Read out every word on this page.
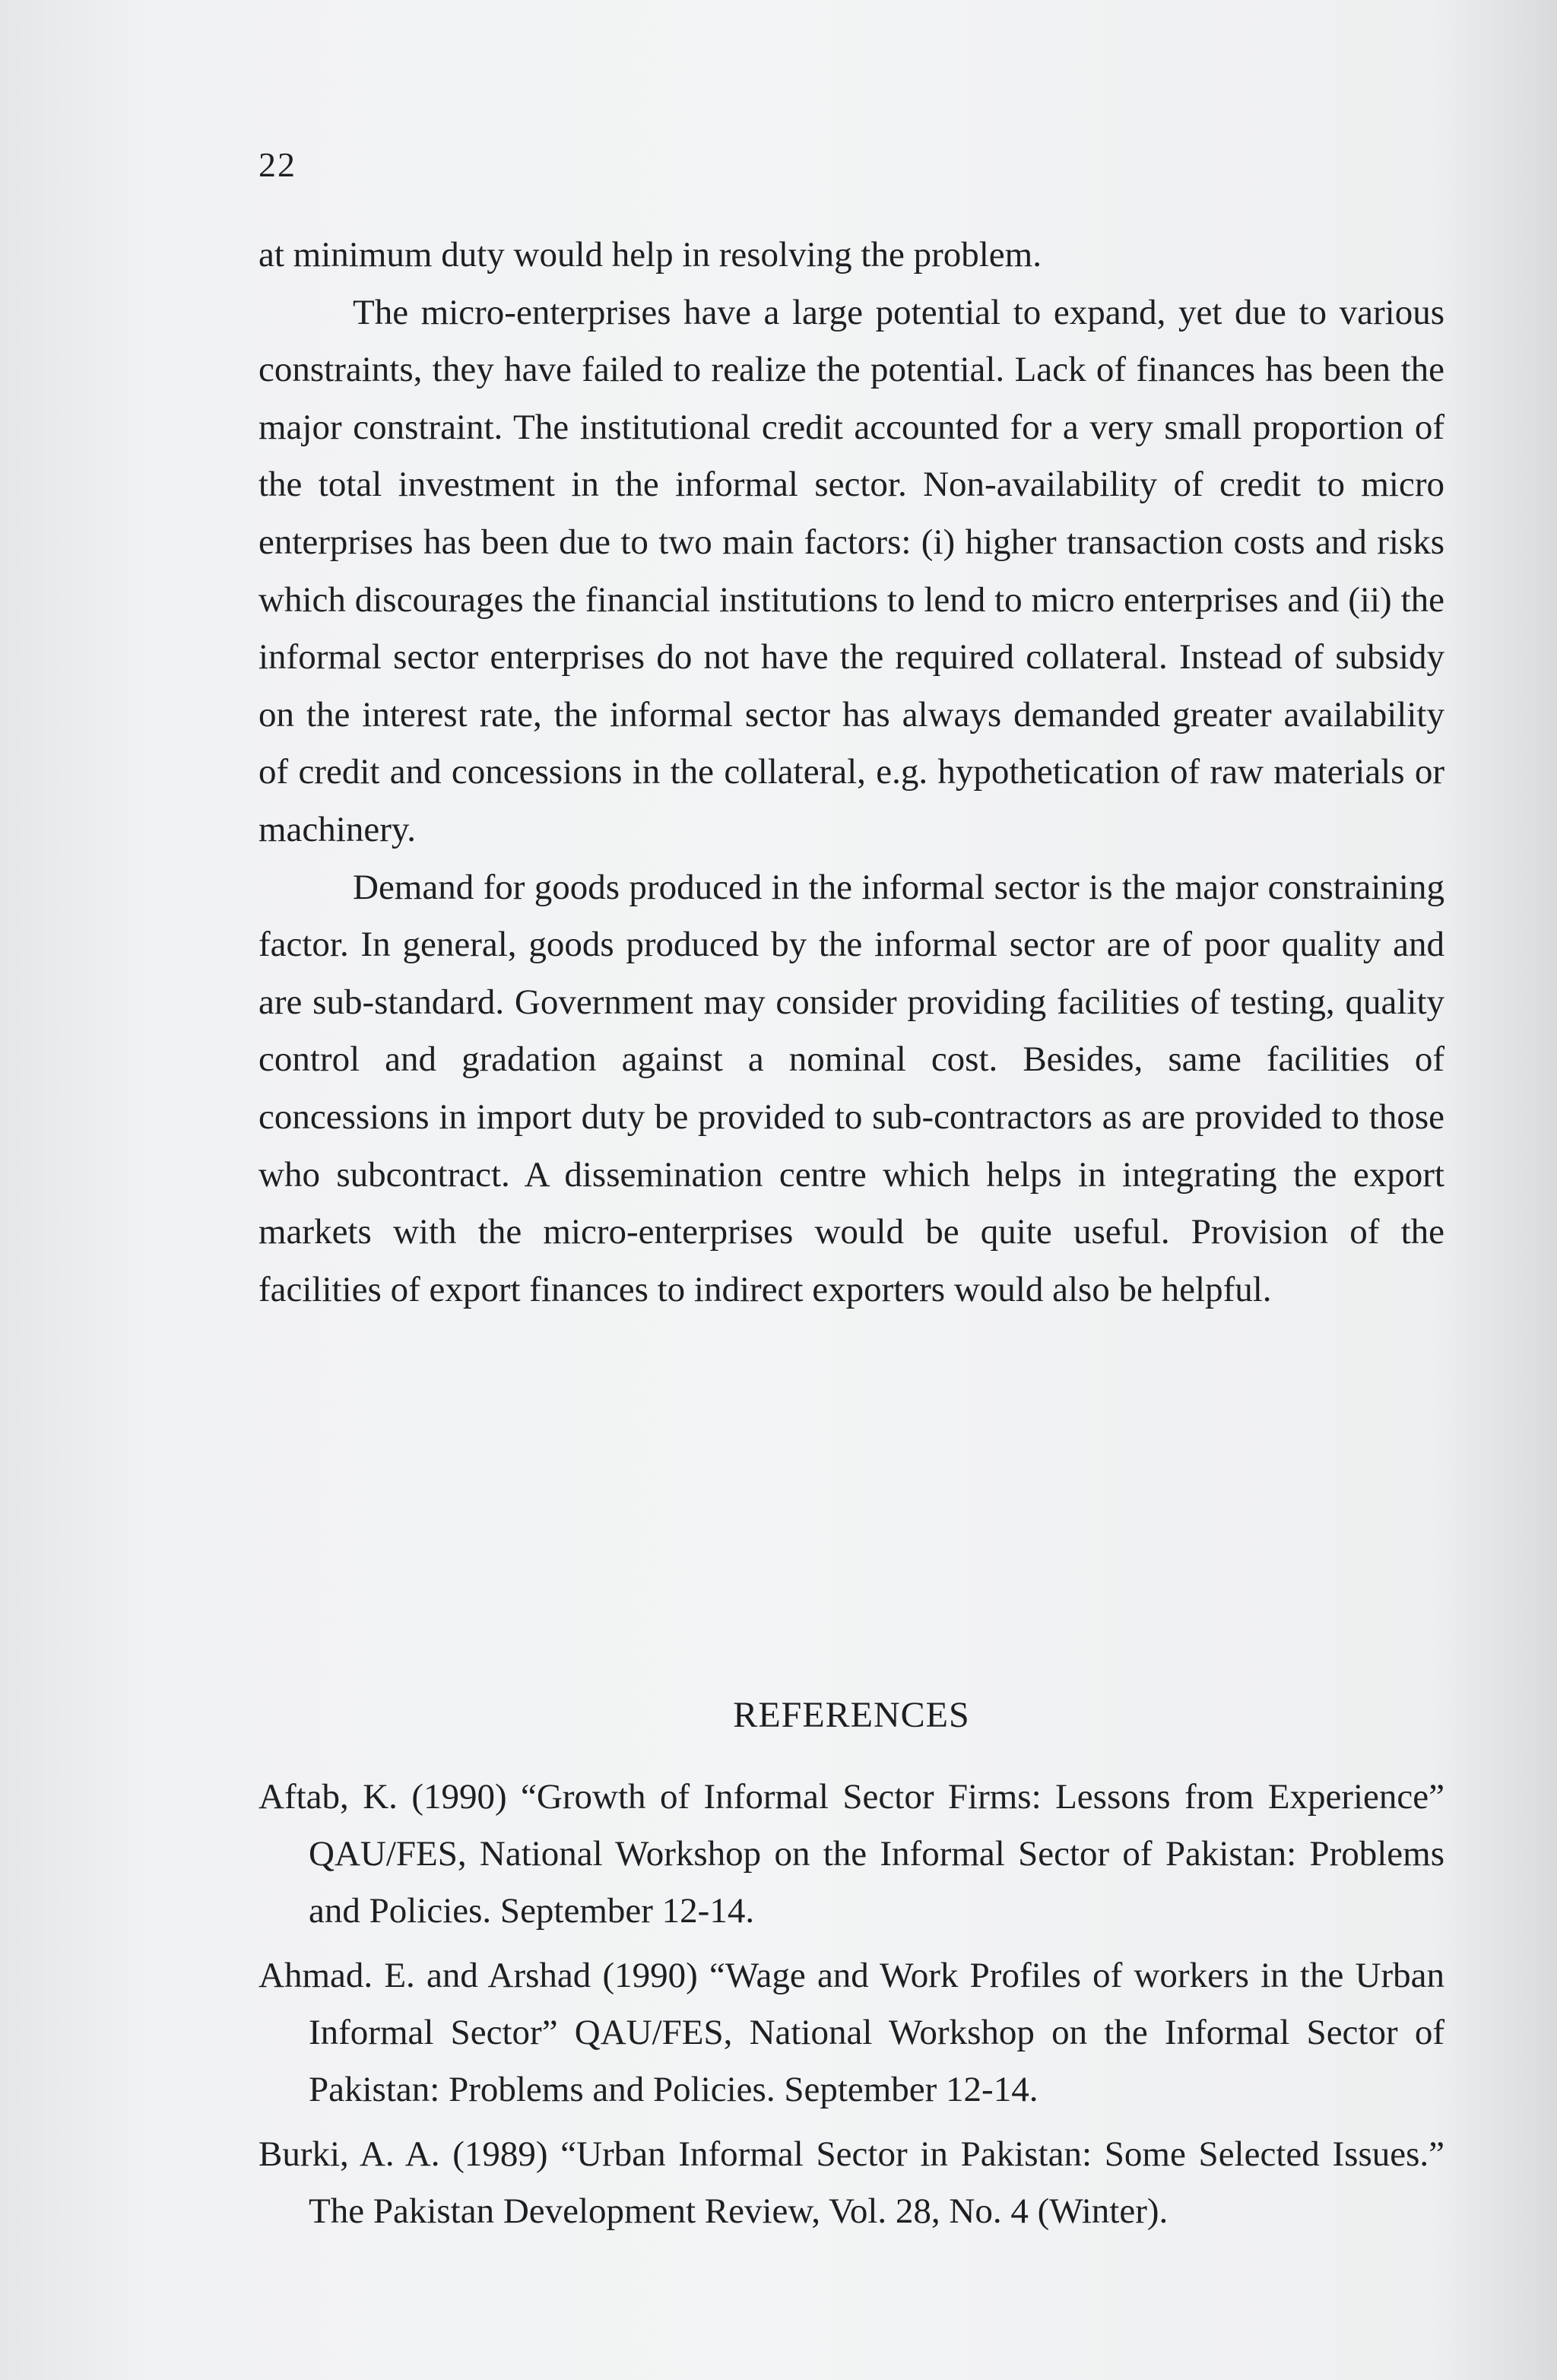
22

at minimum duty would help in resolving the problem.

The micro-enterprises have a large potential to expand, yet due to various constraints, they have failed to realize the potential. Lack of finances has been the major constraint. The institutional credit accounted for a very small proportion of the total investment in the informal sector. Non-availability of credit to micro enterprises has been due to two main factors: (i) higher transaction costs and risks which discourages the financial institutions to lend to micro enterprises and (ii) the informal sector enterprises do not have the required collateral. Instead of subsidy on the interest rate, the informal sector has always demanded greater availability of credit and concessions in the collateral, e.g. hypothetication of raw materials or machinery.

Demand for goods produced in the informal sector is the major constraining factor. In general, goods produced by the informal sector are of poor quality and are sub-standard. Government may consider providing facilities of testing, quality control and gradation against a nominal cost. Besides, same facilities of concessions in import duty be provided to sub-contractors as are provided to those who subcontract. A dissemination centre which helps in integrating the export markets with the micro-enterprises would be quite useful. Provision of the facilities of export finances to indirect exporters would also be helpful.

REFERENCES
Aftab, K. (1990) “Growth of Informal Sector Firms: Lessons from Experience” QAU/FES, National Workshop on the Informal Sector of Pakistan: Problems and Policies. September 12-14.
Ahmad. E. and Arshad (1990) “Wage and Work Profiles of workers in the Urban Informal Sector” QAU/FES, National Workshop on the Informal Sector of Pakistan: Problems and Policies. September 12-14.
Burki, A. A. (1989) “Urban Informal Sector in Pakistan: Some Selected Issues.” The Pakistan Development Review, Vol. 28, No. 4 (Winter).
